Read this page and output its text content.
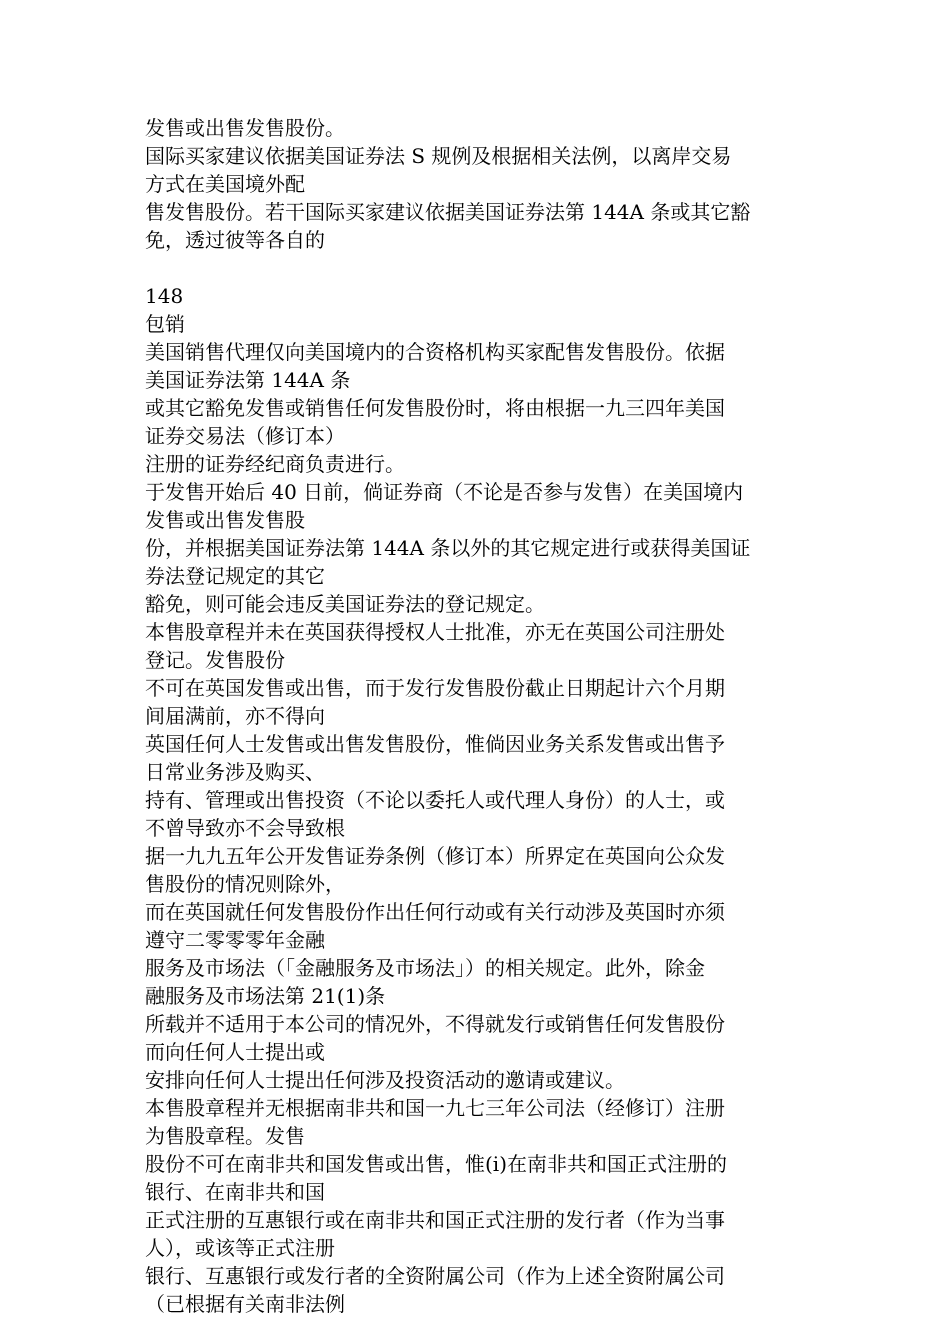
发售或出售发售股份。
国际买家建议依据美国证券法 S 规例及根据相关法例，以离岸交易
方式在美国境外配
售发售股份。若干国际买家建议依据美国证券法第 144A 条或其它豁
免，透过彼等各自的
148
包销
美国销售代理仅向美国境内的合资格机构买家配售发售股份。依据
美国证券法第 144A 条
或其它豁免发售或销售任何发售股份时，将由根据一九三四年美国
证券交易法（修订本）
注册的证券经纪商负责进行。
于发售开始后 40 日前，倘证券商（不论是否参与发售）在美国境内
发售或出售发售股
份，并根据美国证券法第 144A 条以外的其它规定进行或获得美国证
券法登记规定的其它
豁免，则可能会违反美国证券法的登记规定。
本售股章程并未在英国获得授权人士批准，亦无在英国公司注册处
登记。发售股份
不可在英国发售或出售，而于发行发售股份截止日期起计六个月期
间届满前，亦不得向
英国任何人士发售或出售发售股份，惟倘因业务关系发售或出售予
日常业务涉及购买、
持有、管理或出售投资（不论以委托人或代理人身份）的人士，或
不曾导致亦不会导致根
据一九九五年公开发售证券条例（修订本）所界定在英国向公众发
售股份的情况则除外，
而在英国就任何发售股份作出任何行动或有关行动涉及英国时亦须
遵守二零零零年金融
服务及市场法（「金融服务及市场法」）的相关规定。此外，除金
融服务及市场法第 21(1)条
所载并不适用于本公司的情况外，不得就发行或销售任何发售股份
而向任何人士提出或
安排向任何人士提出任何涉及投资活动的邀请或建议。
本售股章程并无根据南非共和国一九七三年公司法（经修订）注册
为售股章程。发售
股份不可在南非共和国发售或出售，惟(i)在南非共和国正式注册的
银行、在南非共和国
正式注册的互惠银行或在南非共和国正式注册的发行者（作为当事
人），或该等正式注册
银行、互惠银行或发行者的全资附属公司（作为上述全资附属公司
（已根据有关南非法例
